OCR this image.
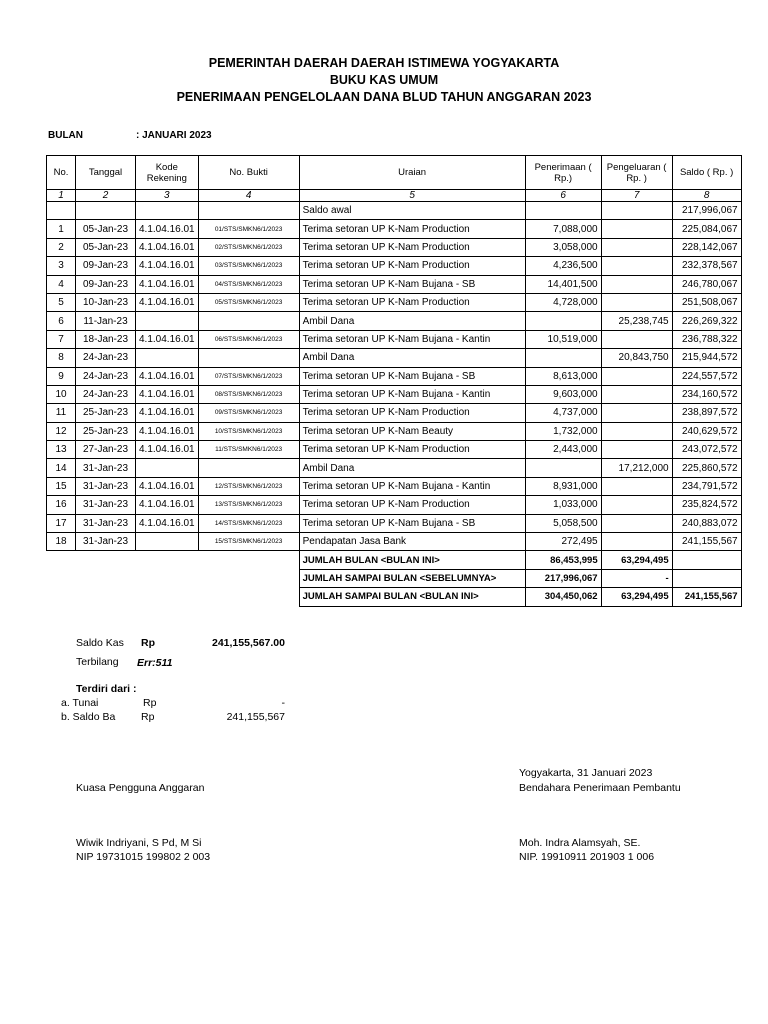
PEMERINTAH DAERAH DAERAH ISTIMEWA YOGYAKARTA
BUKU KAS UMUM
PENERIMAAN PENGELOLAAN DANA BLUD TAHUN ANGGARAN 2023
BULAN	: JANUARI 2023
No.	Tanggal	Kode Rekening	No. Bukti	Uraian	Penerimaan ( Rp.)	Pengeluaran ( Rp. )	Saldo ( Rp. )
1	2	3	4	5	6	7	8
				Saldo awal			217,996,067
1	05-Jan-23	4.1.04.16.01	01/STS/SMKN6/1/2023	Terima setoran UP K-Nam Production	7,088,000		225,084,067
2	05-Jan-23	4.1.04.16.01	02/STS/SMKN6/1/2023	Terima setoran UP K-Nam Production	3,058,000		228,142,067
3	09-Jan-23	4.1.04.16.01	03/STS/SMKN6/1/2023	Terima setoran UP K-Nam Production	4,236,500		232,378,567
4	09-Jan-23	4.1.04.16.01	04/STS/SMKN6/1/2023	Terima setoran UP K-Nam Bujana - SB	14,401,500		246,780,067
5	10-Jan-23	4.1.04.16.01	05/STS/SMKN6/1/2023	Terima setoran UP K-Nam Production	4,728,000		251,508,067
6	11-Jan-23			Ambil Dana		25,238,745	226,269,322
7	18-Jan-23	4.1.04.16.01	06/STS/SMKN6/1/2023	Terima setoran UP K-Nam Bujana - Kantin	10,519,000		236,788,322
8	24-Jan-23			Ambil Dana		20,843,750	215,944,572
9	24-Jan-23	4.1.04.16.01	07/STS/SMKN6/1/2023	Terima setoran UP K-Nam Bujana - SB	8,613,000		224,557,572
10	24-Jan-23	4.1.04.16.01	08/STS/SMKN6/1/2023	Terima setoran UP K-Nam Bujana - Kantin	9,603,000		234,160,572
11	25-Jan-23	4.1.04.16.01	09/STS/SMKN6/1/2023	Terima setoran UP K-Nam Production	4,737,000		238,897,572
12	25-Jan-23	4.1.04.16.01	10/STS/SMKN6/1/2023	Terima setoran UP K-Nam Beauty	1,732,000		240,629,572
13	27-Jan-23	4.1.04.16.01	11/STS/SMKN6/1/2023	Terima setoran UP K-Nam Production	2,443,000		243,072,572
14	31-Jan-23			Ambil Dana		17,212,000	225,860,572
15	31-Jan-23	4.1.04.16.01	12/STS/SMKN6/1/2023	Terima setoran UP K-Nam Bujana - Kantin	8,931,000		234,791,572
16	31-Jan-23	4.1.04.16.01	13/STS/SMKN6/1/2023	Terima setoran UP K-Nam Production	1,033,000		235,824,572
17	31-Jan-23	4.1.04.16.01	14/STS/SMKN6/1/2023	Terima setoran UP K-Nam Bujana - SB	5,058,500		240,883,072
18	31-Jan-23		15/STS/SMKN6/1/2023	Pendapatan Jasa Bank	272,495		241,155,567
				JUMLAH BULAN <BULAN INI>	86,453,995	63,294,495	
				JUMLAH SAMPAI BULAN <SEBELUMNYA>	217,996,067	-	
				JUMLAH SAMPAI BULAN <BULAN INI>	304,450,062	63,294,495	241,155,567
Saldo Kas Rp	241,155,567.00
Terbilang Err:511
Terdiri dari :
a. Tunai	Rp	-
b. Saldo Ba Rp	241,155,567
Yogyakarta, 31 Januari 2023
Kuasa Pengguna Anggaran	Bendahara Penerimaan Pembantu
Wiwik Indriyani, S Pd, M Si	Moh. Indra Alamsyah, SE.
NIP 19731015 199802 2 003	NIP. 19910911 201903 1 006
